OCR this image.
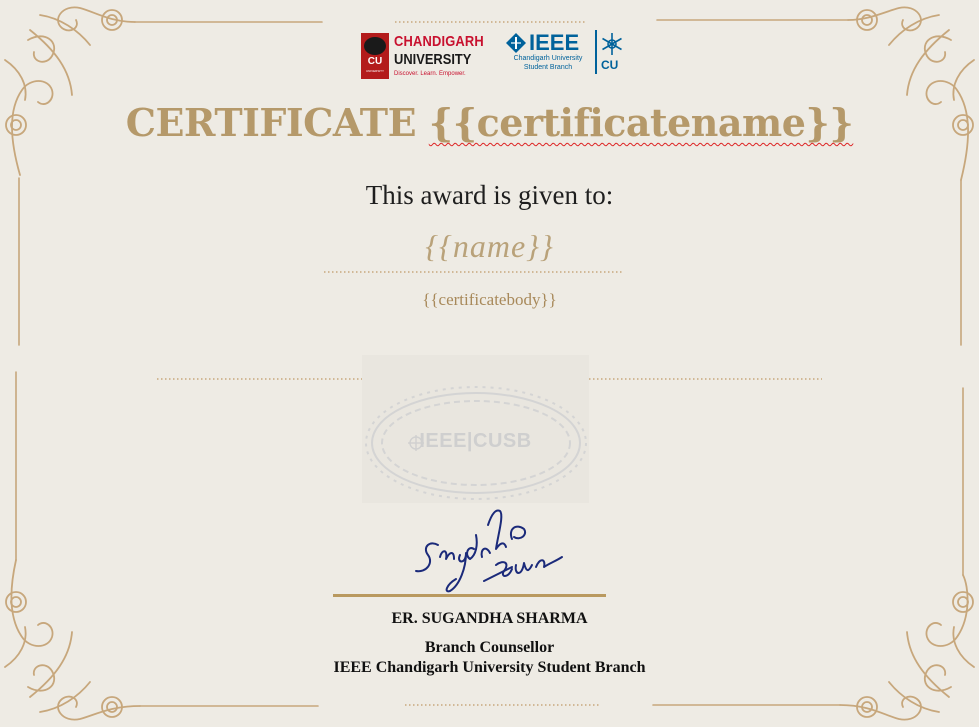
CU
UNIVERSITY
CHANDIGARH
UNIVERSITY
Discover. Learn. Empower.
IEEE
Chandigarh University
Student Branch	CU
CERTIFICATE {{certificatename}}
This award is given to:
{{name}}
{{certificatebody}}
IEEE|CUSB
ER. SUGANDHA SHARMA
Branch Counsellor
IEEE Chandigarh University Student Branch
